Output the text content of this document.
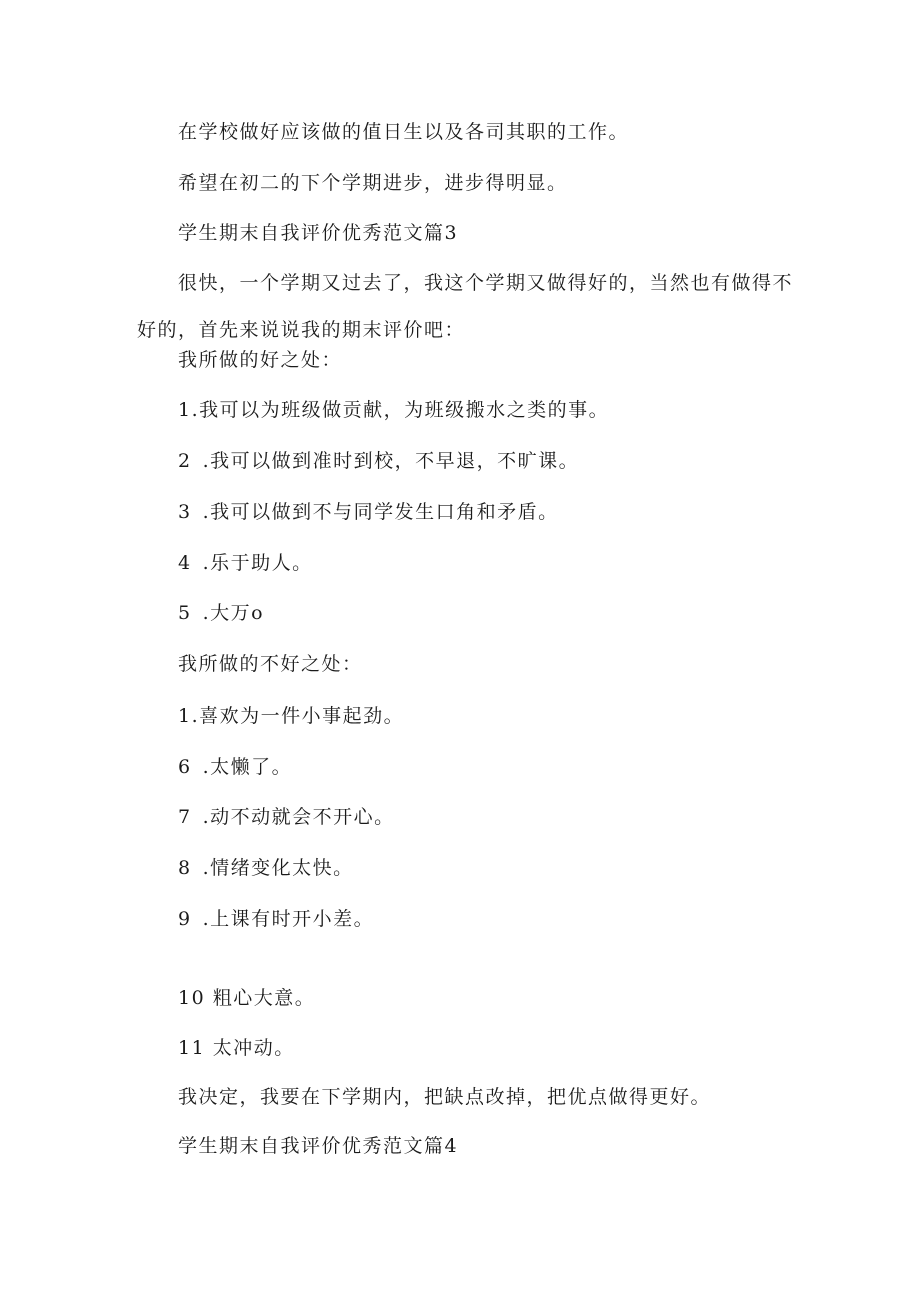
在学校做好应该做的值日生以及各司其职的工作。
希望在初二的下个学期进步，进步得明显。
学生期末自我评价优秀范文篇3
很快，一个学期又过去了，我这个学期又做得好的，当然也有做得不
好的，首先来说说我的期末评价吧：
我所做的好之处：
1.我可以为班级做贡献，为班级搬水之类的事。
2 .我可以做到准时到校，不早退，不旷课。
3 .我可以做到不与同学发生口角和矛盾。
4 .乐于助人。
5 .大万o
我所做的不好之处：
1.喜欢为一件小事起劲。
6 .太懒了。
7 .动不动就会不开心。
8 .情绪变化太快。
9 .上课有时开小差。
10 粗心大意。
11 太冲动。
我决定，我要在下学期内，把缺点改掉，把优点做得更好。
学生期末自我评价优秀范文篇4
